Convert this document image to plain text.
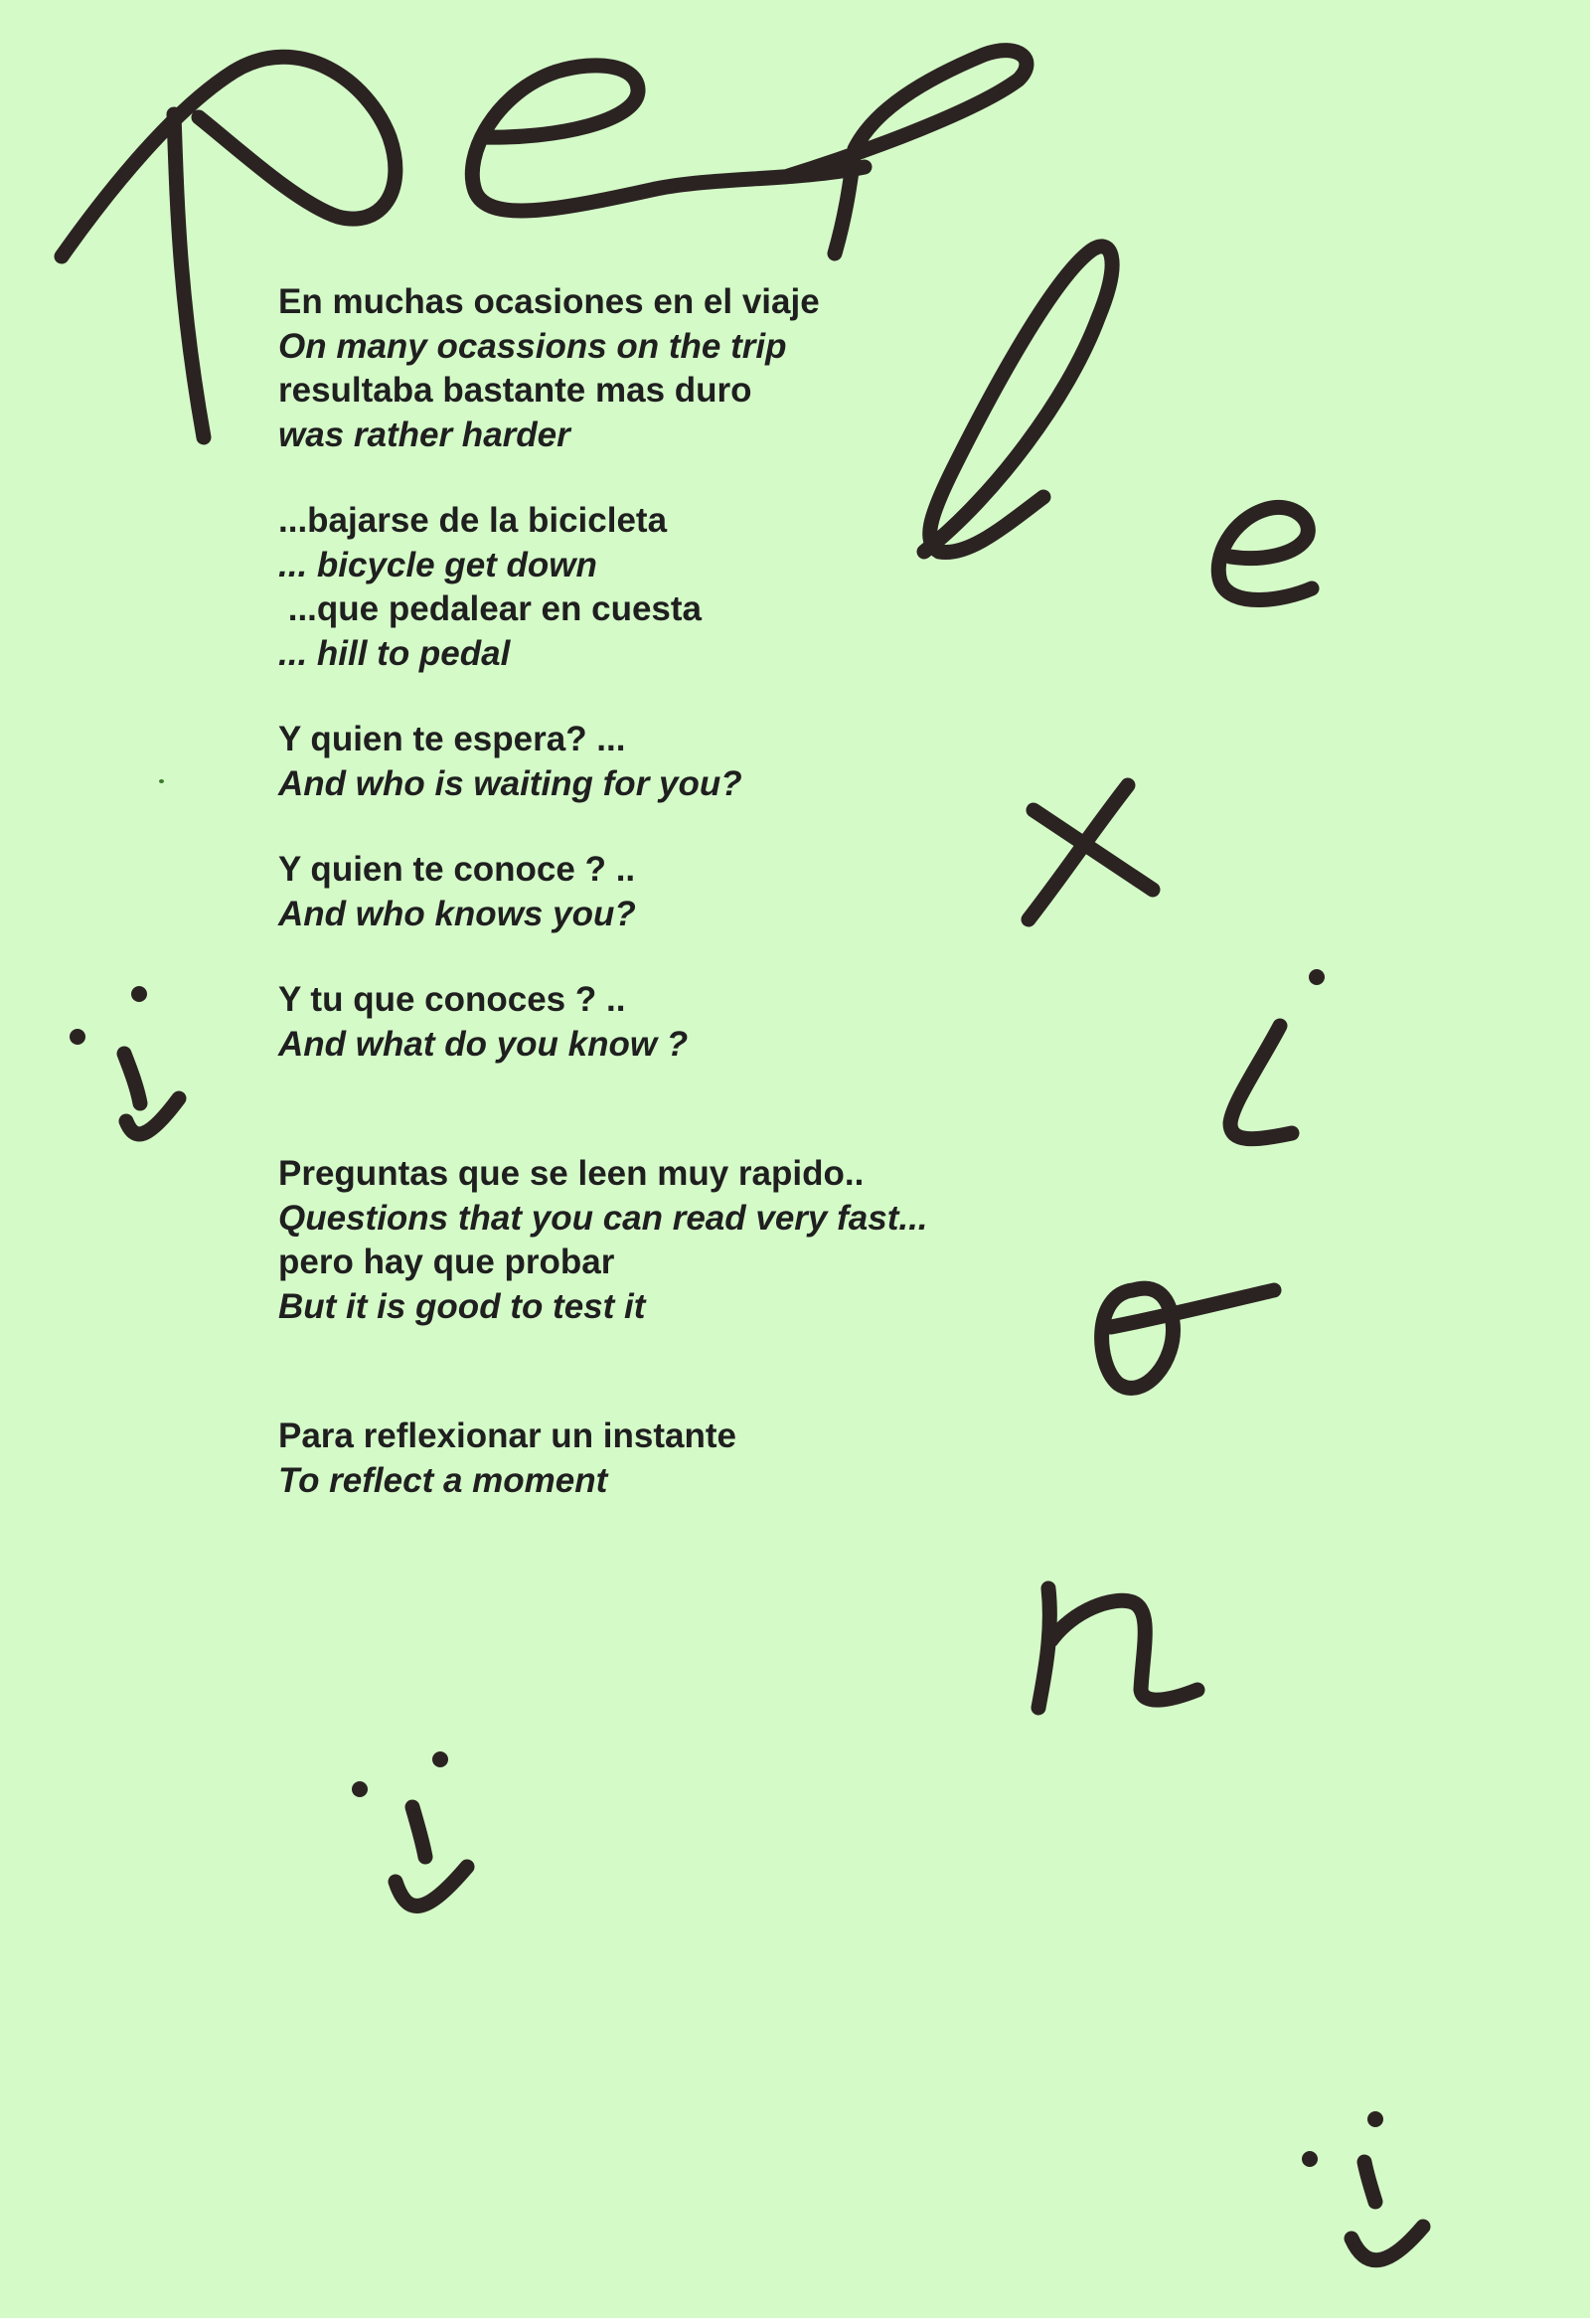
En muchas ocasiones en el viaje
On many ocassions on the trip
resultaba bastante mas duro
was rather harder
...bajarse de la bicicleta
... bicycle get down
...que pedalear en cuesta
... hill to pedal
Y quien te espera? ...
And who is waiting for you?
Y quien te conoce ? ..
And who knows you?
Y tu que conoces ? ..
And what do you know ?
Preguntas que se leen muy rapido..
Questions that you can read very fast...
pero hay que probar
But it is good to test it
Para reflexionar un instante
To reflect a moment
